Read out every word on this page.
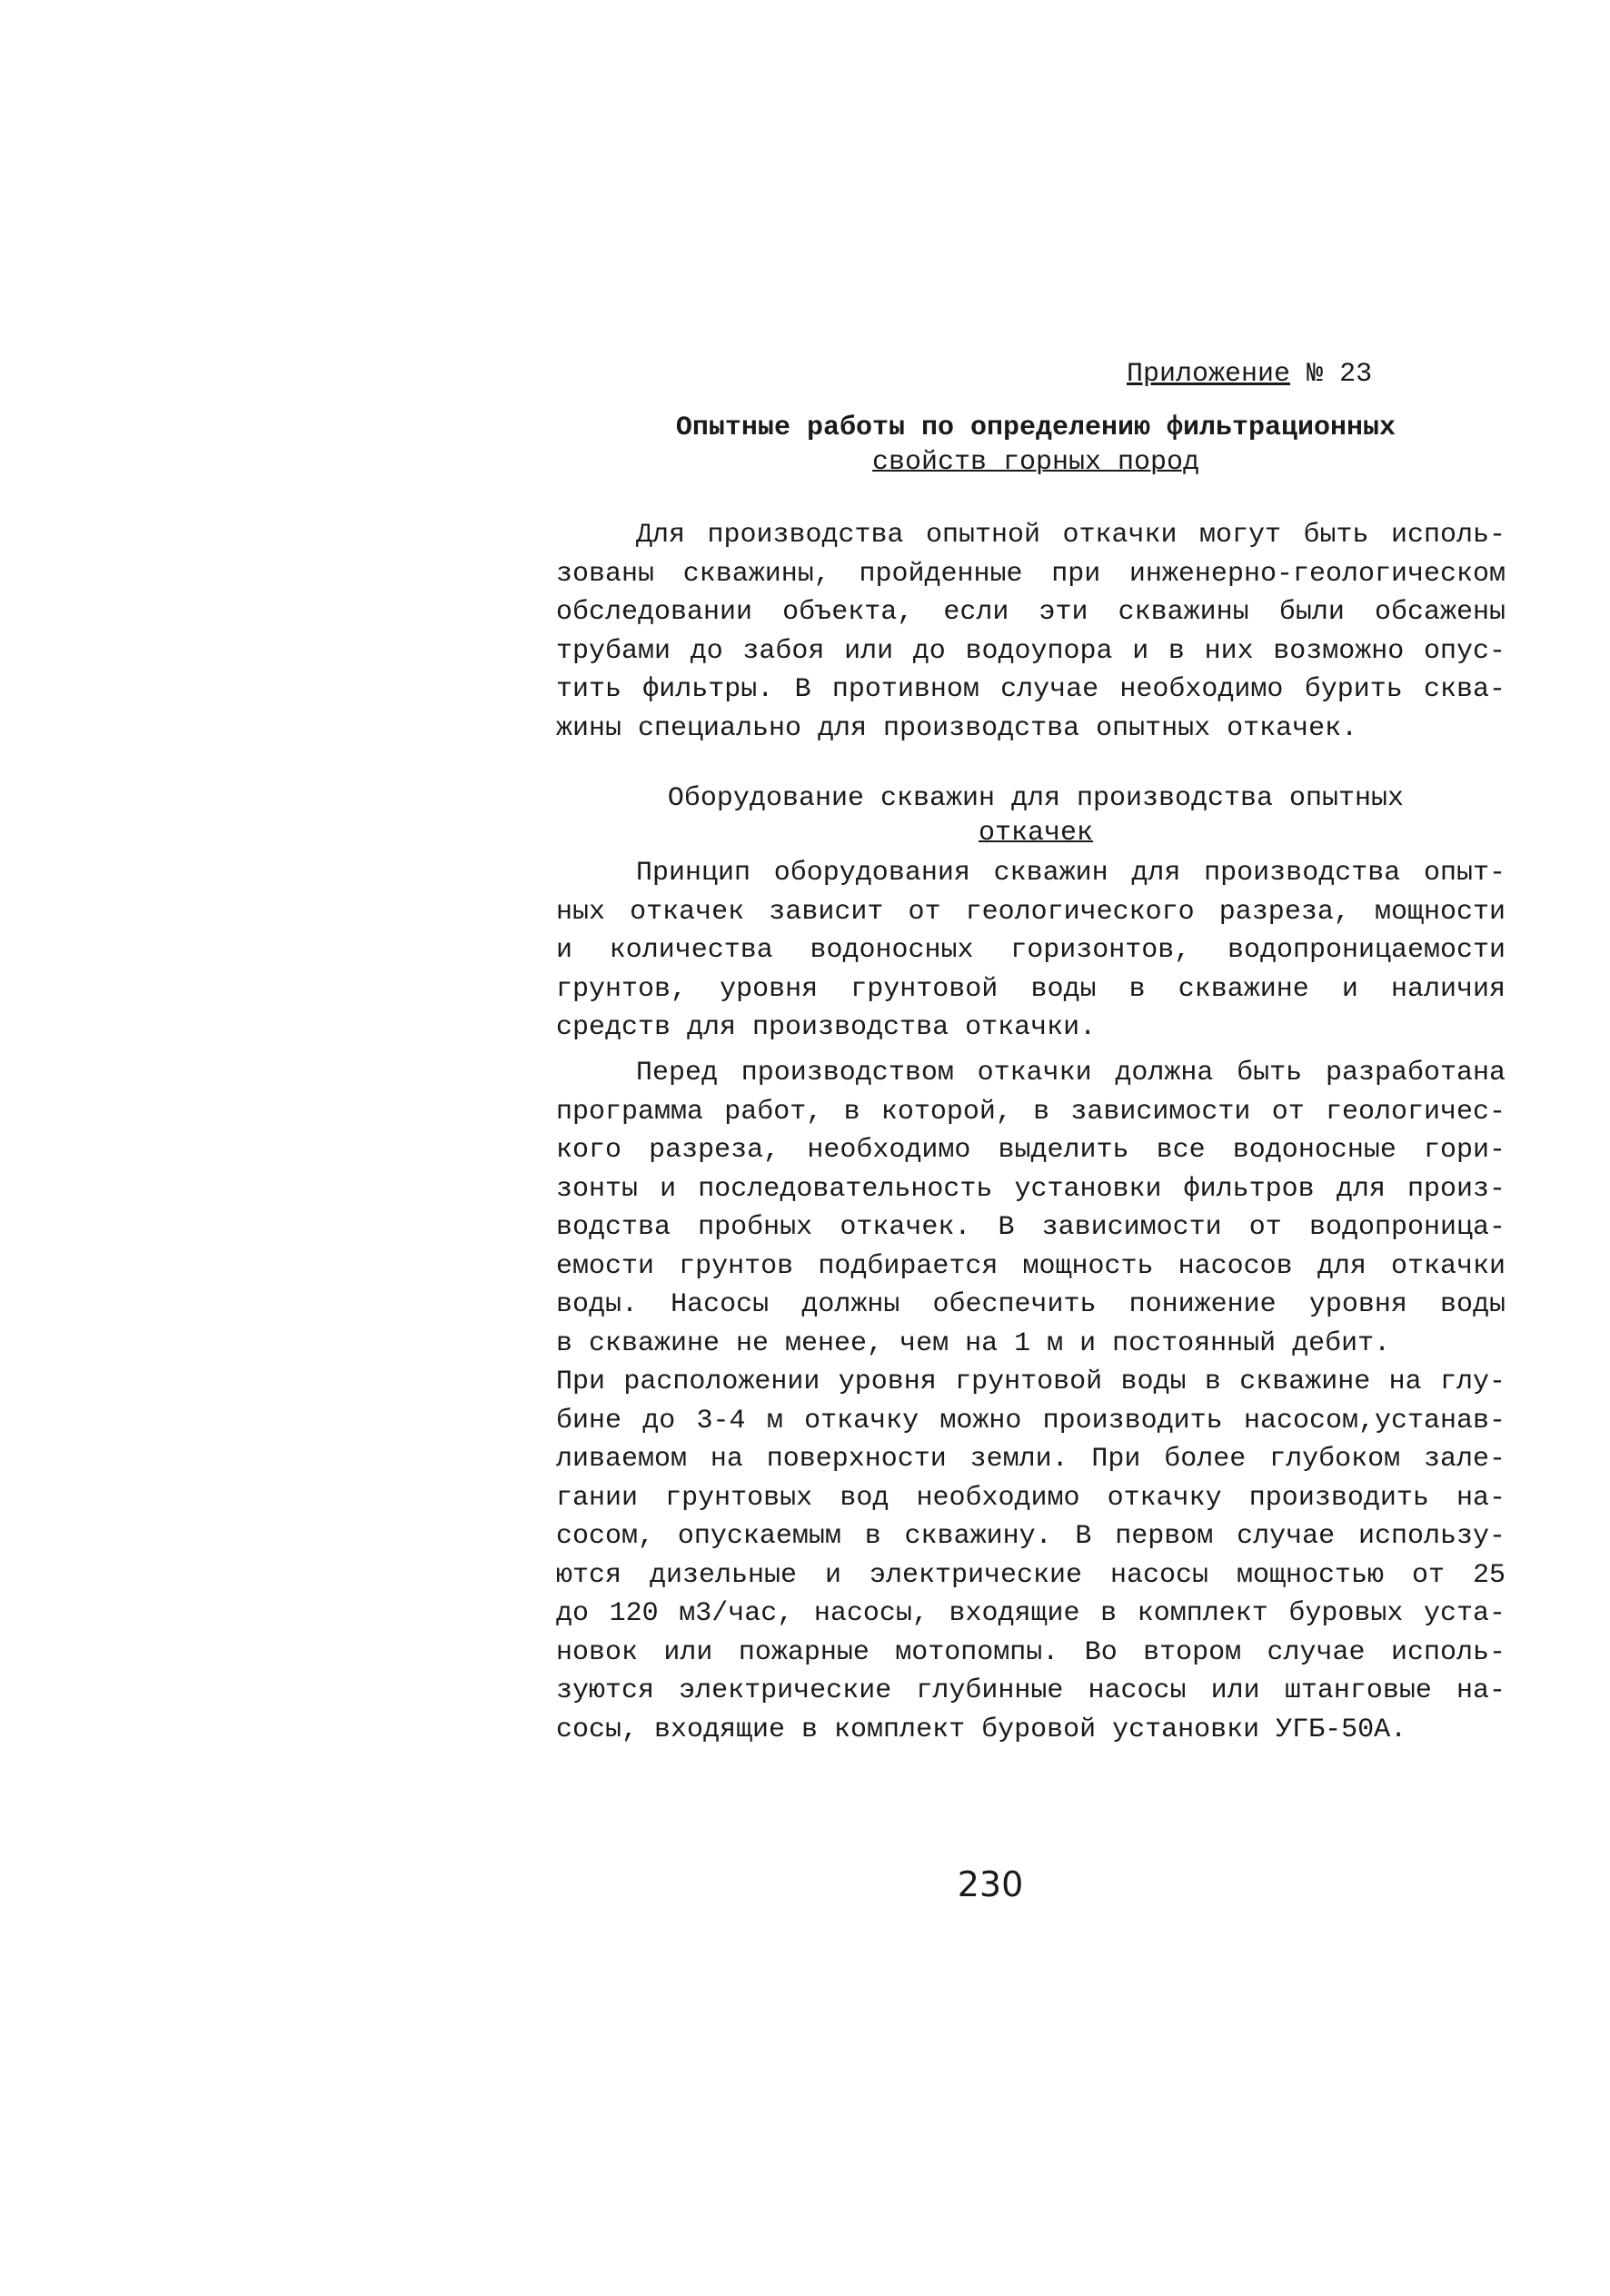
Приложение № 23
Опытные работы по определению фильтрационных
свойств горных пород
Для производства опытной откачки могут быть исполь-
зованы скважины, пройденные при инженерно-геологическом
обследовании объекта, если эти скважины были обсажены
трубами до забоя или до водоупора и в них возможно опус-
тить фильтры. В противном случае необходимо бурить сква-
жины специально для производства опытных откачек.
Оборудование скважин для производства опытных
откачек
Принцип оборудования скважин для производства опыт-
ных откачек зависит от геологического разреза, мощности
и количества водоносных горизонтов, водопроницаемости
грунтов, уровня грунтовой воды в скважине и наличия
средств для производства откачки.
Перед производством откачки должна быть разработана
программа работ, в которой, в зависимости от геологичес-
кого разреза, необходимо выделить все водоносные гори-
зонты и последовательность установки фильтров для произ-
водства пробных откачек. В зависимости от водопроница-
емости грунтов подбирается мощность насосов для откачки
воды. Насосы должны обеспечить понижение уровня воды
в скважине не менее, чем на 1 м и постоянный дебит.
При расположении уровня грунтовой воды в скважине на глу-
бине до 3-4 м откачку можно производить насосом,устанав-
ливаемом на поверхности земли. При более глубоком зале-
гании грунтовых вод необходимо откачку производить на-
сосом, опускаемым в скважину. В первом случае использу-
ются дизельные и электрические насосы мощностью от 25
до 120 м3/час, насосы, входящие в комплект буровых уста-
новок или пожарные мотопомпы. Во втором случае исполь-
зуются электрические глубинные насосы или штанговые на-
сосы, входящие в комплект буровой установки УГБ-50А.
230
